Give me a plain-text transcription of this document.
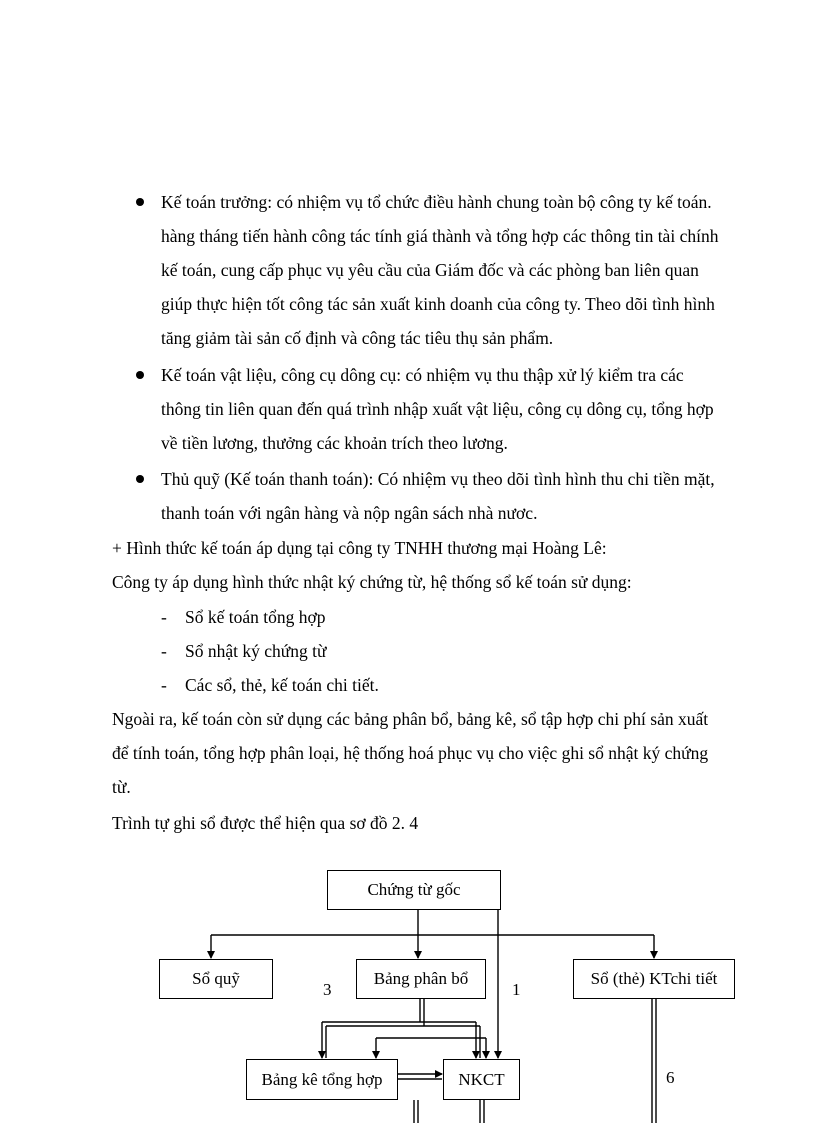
Kế toán trưởng: có nhiệm vụ tổ chức điều hành chung toàn bộ công ty kế toán.
hàng tháng tiến hành công tác tính giá thành và tổng hợp các thông tin tài chính
kế toán, cung cấp phục vụ yêu cầu của Giám đốc và các phòng ban liên quan
giúp thực hiện tốt công tác sản xuất kinh doanh của công ty. Theo dõi tình hình
tăng giảm tài sản cố định và công tác tiêu thụ sản phẩm.
Kế toán vật liệu, công cụ dông cụ: có nhiệm vụ thu thập xử lý kiểm tra các
thông tin liên quan đến quá trình nhập xuất vật liệu, công cụ dông cụ, tổng hợp
về tiền lương, thưởng các khoản trích theo lương.
Thủ quỹ (Kế toán thanh toán): Có nhiệm vụ theo dõi tình hình thu chi tiền mặt,
thanh toán với ngân hàng và nộp ngân sách nhà nươc.
+ Hình thức kế toán áp dụng tại công ty TNHH thương mại Hoàng Lê:
Công ty áp dụng hình thức nhật ký chứng từ, hệ thống sổ kế toán sử dụng:
- Sổ kế toán tổng hợp
- Sổ nhật ký chứng từ
- Các sổ, thẻ, kế toán chi tiết.
Ngoài ra, kế toán còn sử dụng các bảng phân bổ, bảng kê, sổ tập hợp chi phí sản xuất
để tính toán, tổng hợp phân loại, hệ thống hoá phục vụ cho việc ghi sổ nhật ký chứng
từ.
Trình tự ghi sổ được thể hiện qua sơ đồ 2. 4
Chứng từ gốc
Sổ quỹ	Bảng phân bổ	Sổ (thẻ) KTchi tiết
Bảng kê tổng hợp	NKCT
3	1
6
